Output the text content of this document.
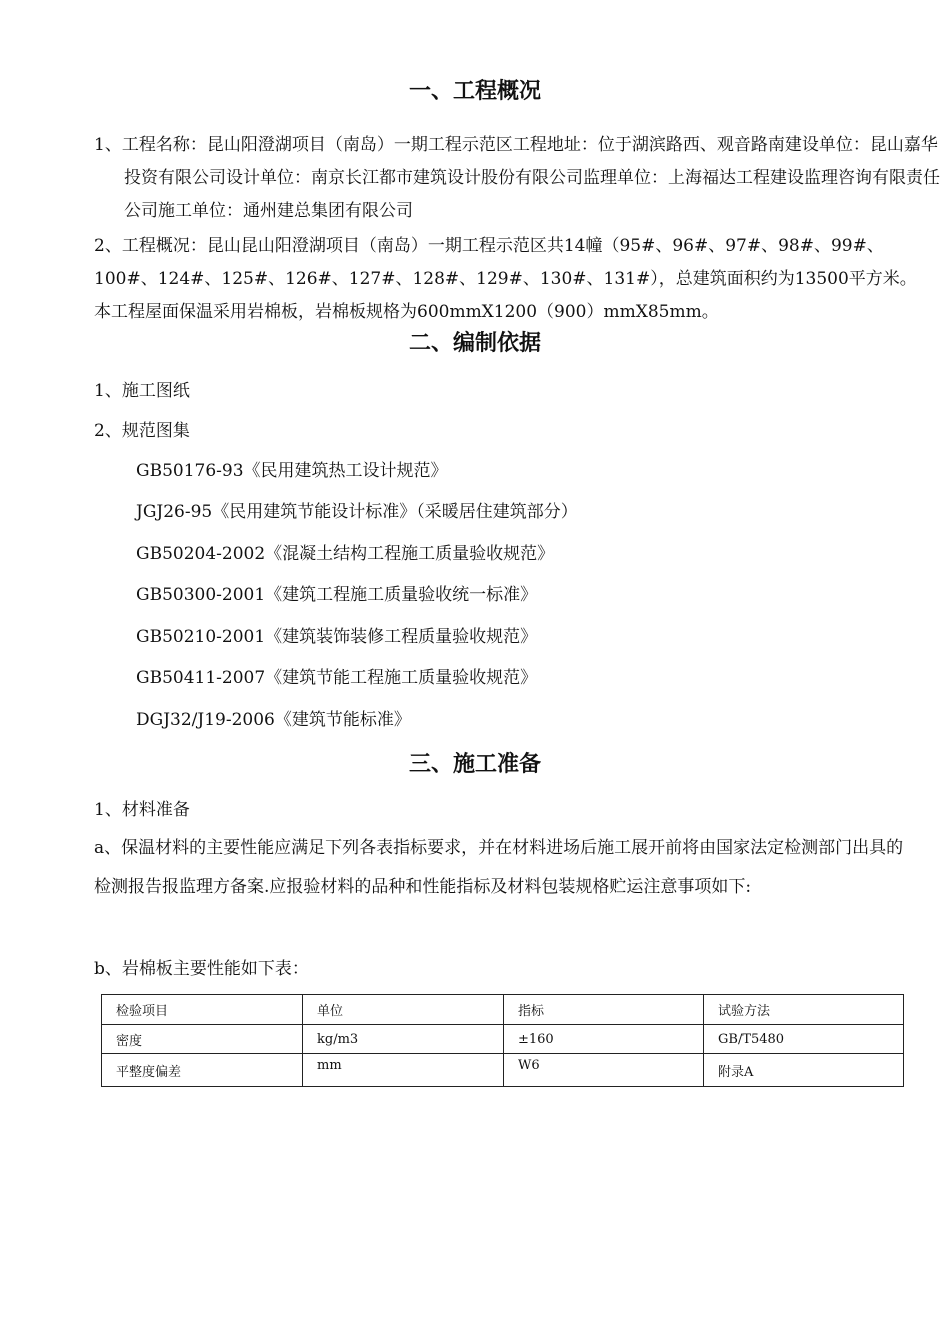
一、工程概况

1、工程名称：昆山阳澄湖项目（南岛）一期工程示范区工程地址：位于湖滨路西、观音路南建设单位：昆山嘉华投资有限公司设计单位：南京长江都市建筑设计股份有限公司监理单位：上海福达工程建设监理咨询有限责任公司施工单位：通州建总集团有限公司

2、工程概况：昆山昆山阳澄湖项目（南岛）一期工程示范区共14幢（95#、96#、97#、98#、99#、100#、124#、125#、126#、127#、128#、129#、130#、131#），总建筑面积约为13500平方米。本工程屋面保温采用岩棉板，岩棉板规格为600mmX1200（900）mmX85mm。

二、编制依据
1、施工图纸
2、规范图集
GB50176-93《民用建筑热工设计规范》
JGJ26-95《民用建筑节能设计标准》（采暖居住建筑部分）
GB50204-2002《混凝土结构工程施工质量验收规范》
GB50300-2001《建筑工程施工质量验收统一标准》
GB50210-2001《建筑装饰装修工程质量验收规范》
GB50411-2007《建筑节能工程施工质量验收规范》
DGJ32/J19-2006《建筑节能标准》
三、施工准备
1、材料准备

a、保温材料的主要性能应满足下列各表指标要求，并在材料进场后施工展开前将由国家法定检测部门出具的检测报告报监理方备案.应报验材料的品种和性能指标及材料包装规格贮运注意事项如下:

b、岩棉板主要性能如下表：
检验项目	单位	指标	试验方法
密度	kg/m3	±160	GB/T5480
平整度偏差	mm	W6	附录A
